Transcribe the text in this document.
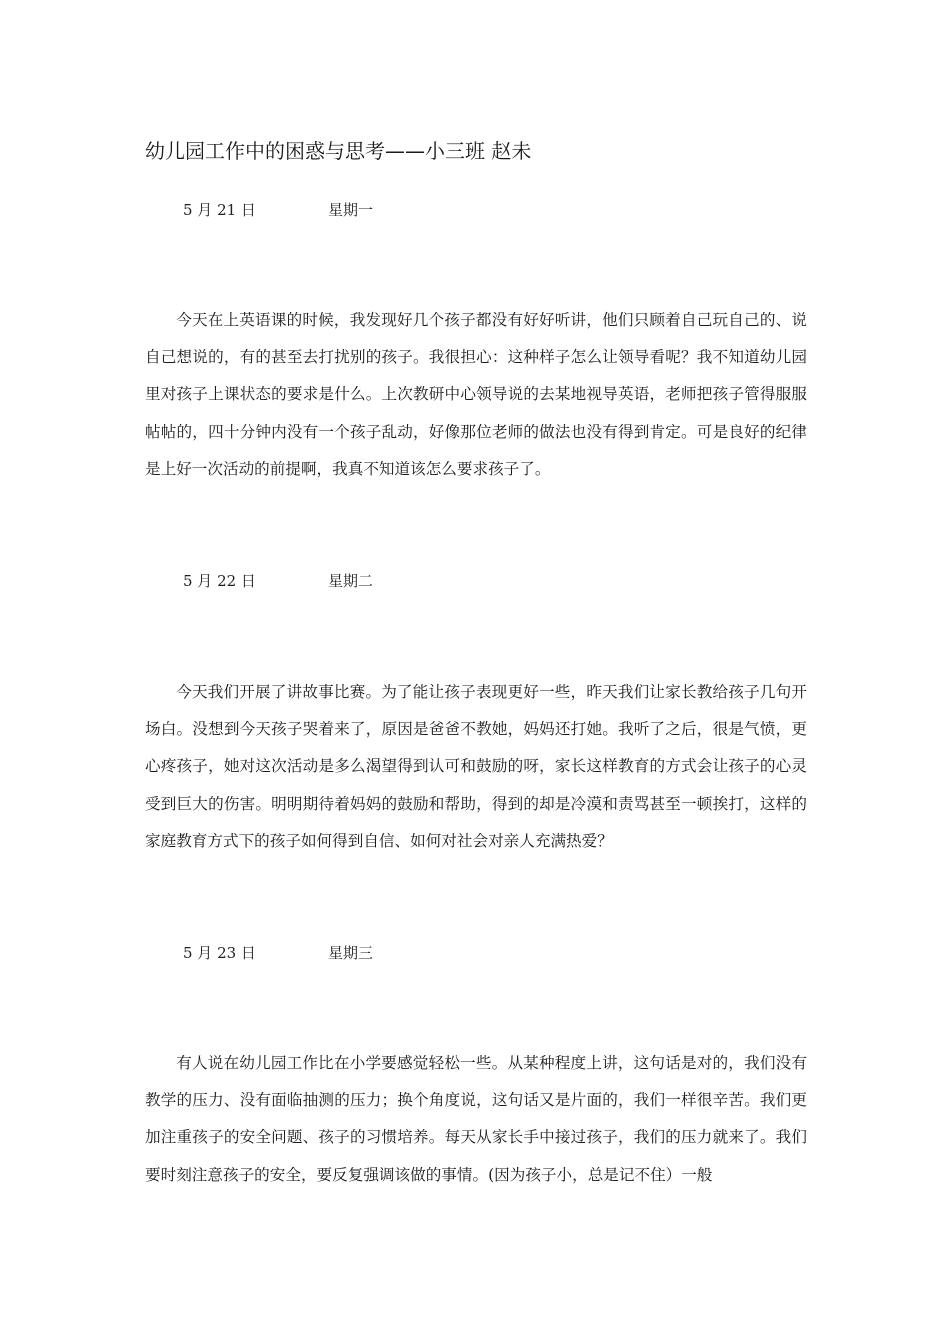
幼儿园工作中的困惑与思考——小三班 赵未
5 月 21 日	星期一
今天在上英语课的时候，我发现好几个孩子都没有好好听讲，他们只顾着自己玩自己的、说自己想说的，有的甚至去打扰别的孩子。我很担心：这种样子怎么让领导看呢？我不知道幼儿园里对孩子上课状态的要求是什么。上次教研中心领导说的去某地视导英语，老师把孩子管得服服帖帖的，四十分钟内没有一个孩子乱动，好像那位老师的做法也没有得到肯定。可是良好的纪律是上好一次活动的前提啊，我真不知道该怎么要求孩子了。
5 月 22 日	星期二
今天我们开展了讲故事比赛。为了能让孩子表现更好一些，昨天我们让家长教给孩子几句开场白。没想到今天孩子哭着来了，原因是爸爸不教她，妈妈还打她。我听了之后，很是气愤，更心疼孩子，她对这次活动是多么渴望得到认可和鼓励的呀，家长这样教育的方式会让孩子的心灵受到巨大的伤害。明明期待着妈妈的鼓励和帮助，得到的却是冷漠和责骂甚至一顿挨打，这样的家庭教育方式下的孩子如何得到自信、如何对社会对亲人充满热爱？
5 月 23 日	星期三
有人说在幼儿园工作比在小学要感觉轻松一些。从某种程度上讲，这句话是对的，我们没有教学的压力、没有面临抽测的压力；换个角度说，这句话又是片面的，我们一样很辛苦。我们更加注重孩子的安全问题、孩子的习惯培养。每天从家长手中接过孩子，我们的压力就来了。我们要时刻注意孩子的安全，要反复强调该做的事情。(因为孩子小，总是记不住）一般
